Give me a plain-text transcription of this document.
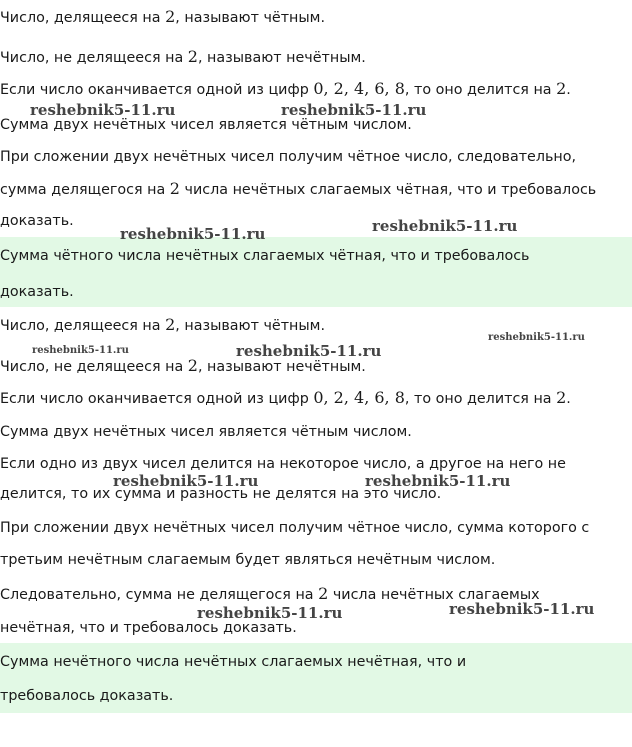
Число, делящееся на 2, называют чётным.
Число, не делящееся на 2, называют нечётным.
Если число оканчивается одной из цифр 0, 2, 4, 6, 8, то оно делится на 2.
Сумма двух нечётных чисел является чётным числом.
При сложении двух нечётных чисел получим чётное число, следовательно,
сумма делящегося на 2 числа нечётных слагаемых чётная, что и требовалось
доказать.
Сумма чётного числа нечётных слагаемых чётная, что и требовалось
доказать.
Число, делящееся на 2, называют чётным.
Число, не делящееся на 2, называют нечётным.
Если число оканчивается одной из цифр 0, 2, 4, 6, 8, то оно делится на 2.
Сумма двух нечётных чисел является чётным числом.
Если одно из двух чисел делится на некоторое число, а другое на него не
делится, то их сумма и разность не делятся на это число.
При сложении двух нечётных чисел получим чётное число, сумма которого с
третьим нечётным слагаемым будет являться нечётным числом.
Следовательно, сумма не делящегося на 2 числа нечётных слагаемых
нечётная, что и требовалось доказать.
Сумма нечётного числа нечётных слагаемых нечётная, что и
требовалось доказать.
reshebnik5-11.ru	reshebnik5-11.ru
reshebnik5-11.ru	reshebnik5-11.ru
reshebnik5-11.ru	reshebnik5-11.ru
reshebnik5-11.ru
reshebnik5-11.ru	reshebnik5-11.ru
reshebnik5-11.ru	reshebnik5-11.ru
